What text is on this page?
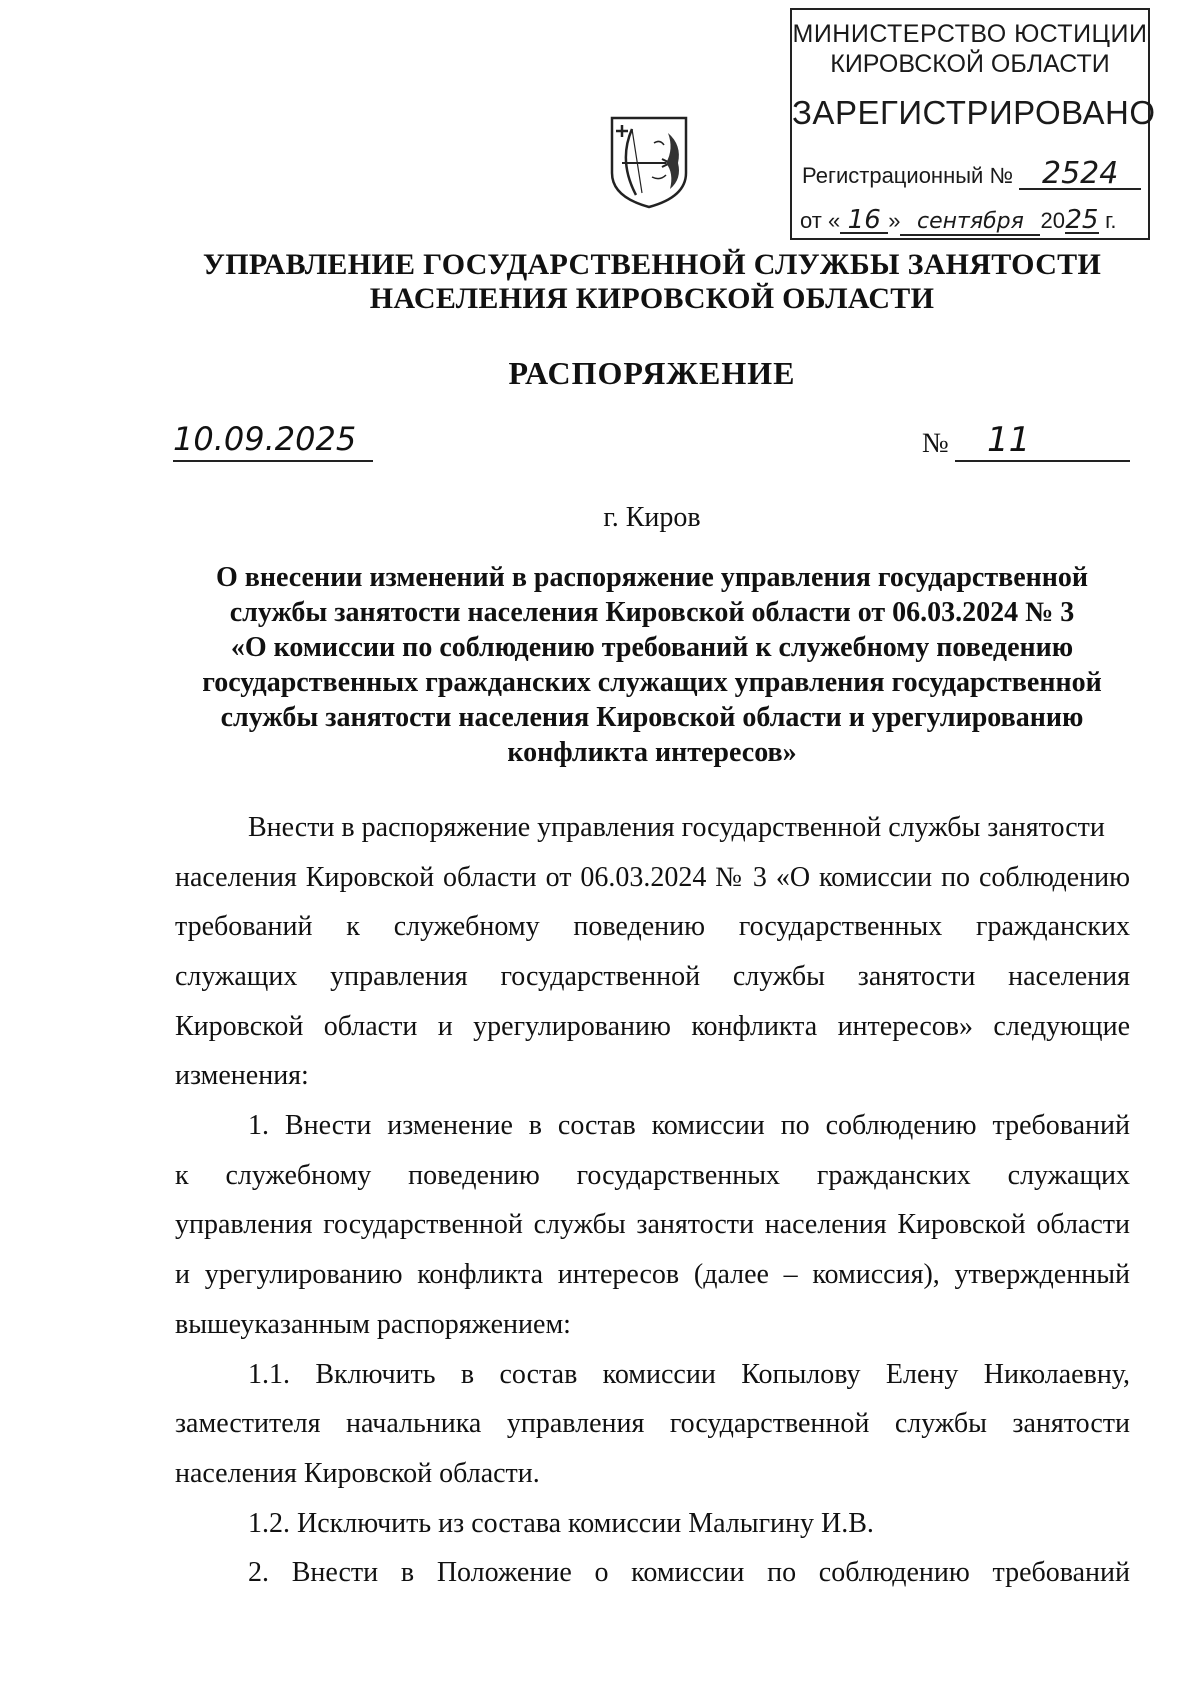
МИНИСТЕРСТВО ЮСТИЦИИ
КИРОВСКОЙ ОБЛАСТИ
ЗАРЕГИСТРИРОВАНО
Регистрационный № 2524
от « 16 » сентября 2025 г.
УПРАВЛЕНИЕ ГОСУДАРСТВЕННОЙ СЛУЖБЫ ЗАНЯТОСТИ
НАСЕЛЕНИЯ КИРОВСКОЙ ОБЛАСТИ
РАСПОРЯЖЕНИЕ
10.09.2025	№	11
г. Киров
О внесении изменений в распоряжение управления государственной
службы занятости населения Кировской области от 06.03.2024 № 3
«О комиссии по соблюдению требований к служебному поведению
государственных гражданских служащих управления государственной
службы занятости населения Кировской области и урегулированию
конфликта интересов»
Внести в распоряжение управления государственной службы занятости
населения Кировской области от 06.03.2024 № 3 «О комиссии по соблюдению
требований к служебному поведению государственных гражданских
служащих управления государственной службы занятости населения
Кировской области и урегулированию конфликта интересов» следующие
изменения:
1. Внести изменение в состав комиссии по соблюдению требований
к служебному поведению государственных гражданских служащих
управления государственной службы занятости населения Кировской области
и урегулированию конфликта интересов (далее – комиссия), утвержденный
вышеуказанным распоряжением:
1.1. Включить в состав комиссии Копылову Елену Николаевну,
заместителя начальника управления государственной службы занятости
населения Кировской области.
1.2. Исключить из состава комиссии Малыгину И.В.
2. Внести в Положение о комиссии по соблюдению требований
